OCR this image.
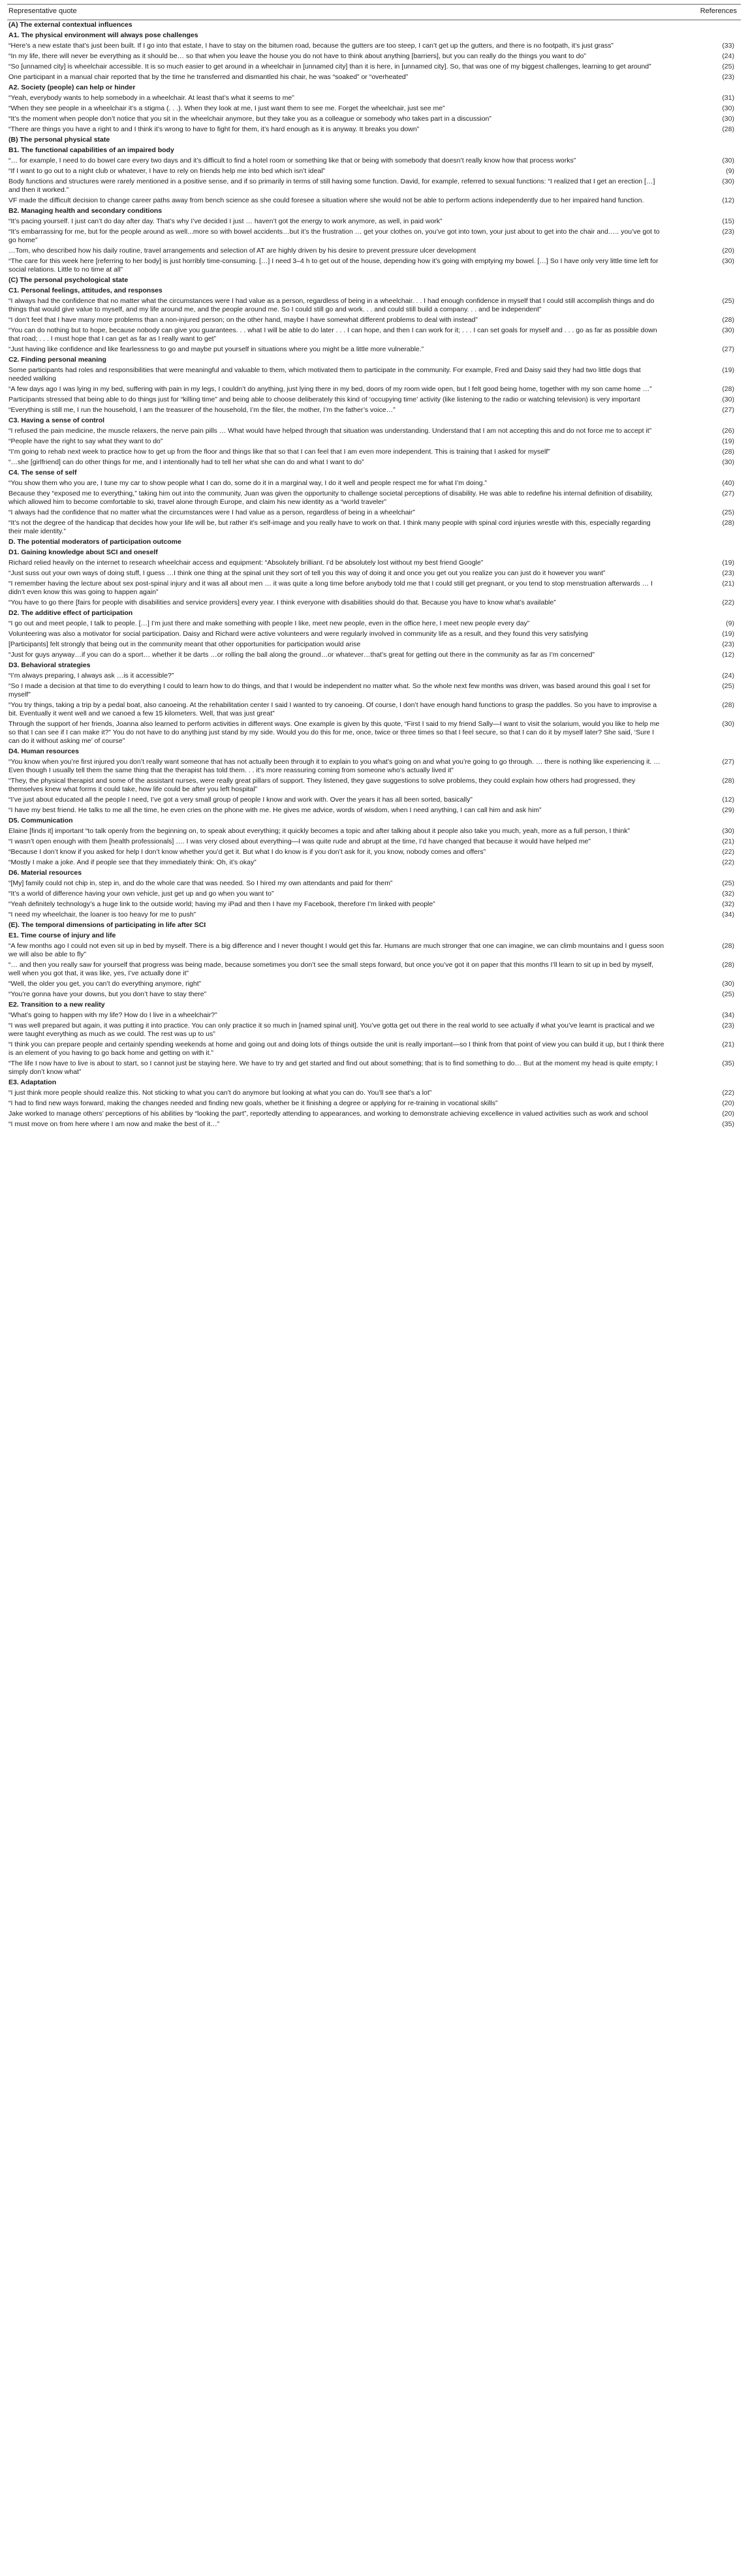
Representative quote	References
(A) The external contextual influences	
A1. The physical environment will always pose challenges	
“Here’s a new estate that’s just been built. If I go into that estate, I have to stay on the bitumen road, because the gutters are too steep, I can’t get up the gutters, and there is no footpath, it’s just grass”	(33)
“In my life, there will never be everything as it should be… so that when you leave the house you do not have to think about anything [barriers], but you can really do the things you want to do”	(24)
“So [unnamed city] is wheelchair accessible. It is so much easier to get around in a wheelchair in [unnamed city] than it is here, in [unnamed city]. So, that was one of my biggest challenges, learning to get around”	(25)
One participant in a manual chair reported that by the time he transferred and dismantled his chair, he was “soaked” or “overheated”	(23)
A2. Society (people) can help or hinder	
“Yeah, everybody wants to help somebody in a wheelchair. At least that’s what it seems to me”	(31)
“When they see people in a wheelchair it’s a stigma (. . .). When they look at me, I just want them to see me. Forget the wheelchair, just see me”	(30)
“It’s the moment when people don’t notice that you sit in the wheelchair anymore, but they take you as a colleague or somebody who takes part in a discussion”	(30)
“There are things you have a right to and I think it’s wrong to have to fight for them, it’s hard enough as it is anyway. It breaks you down”	(28)
(B) The personal physical state	
B1. The functional capabilities of an impaired body	
“… for example, I need to do bowel care every two days and it’s difficult to find a hotel room or something like that or being with somebody that doesn’t really know how that process works”	(30)
“If I want to go out to a night club or whatever, I have to rely on friends help me into bed which isn’t ideal”	(9)
Body functions and structures were rarely mentioned in a positive sense, and if so primarily in terms of still having some function. David, for example, referred to sexual functions: “I realized that I get an erection […] and then it worked.”	(30)
VF made the difficult decision to change career paths away from bench science as she could foresee a situation where she would not be able to perform actions independently due to her impaired hand function.	(12)
B2. Managing health and secondary conditions	
“It’s pacing yourself. I just can’t do day after day. That’s why I’ve decided I just … haven’t got the energy to work anymore, as well, in paid work”	(15)
“It’s embarrassing for me, but for the people around as well...more so with bowel accidents…but it’s the frustration … get your clothes on, you’ve got into town, your just about to get into the chair and….. you’ve got to go home”	(23)
…Tom, who described how his daily routine, travel arrangements and selection of AT are highly driven by his desire to prevent pressure ulcer development	(20)
“The care for this week here [referring to her body] is just horribly time-consuming. […] I need 3–4 h to get out of the house, depending how it’s going with emptying my bowel. […] So I have only very little time left for social relations. Little to no time at all”	(30)
(C) The personal psychological state	
C1. Personal feelings, attitudes, and responses	
“I always had the confidence that no matter what the circumstances were I had value as a person, regardless of being in a wheelchair. . . I had enough confidence in myself that I could still accomplish things and do things that would give value to myself, and my life around me, and the people around me. So I could still go and work. . . and could still build a company. . . and be independent”	(25)
“I don’t feel that I have many more problems than a non-injured person; on the other hand, maybe I have somewhat different problems to deal with instead”	(28)
“You can do nothing but to hope, because nobody can give you guarantees. . . what I will be able to do later . . . I can hope, and then I can work for it; . . . I can set goals for myself and . . . go as far as possible down that road; . . . I must hope that I can get as far as I really want to get”	(30)
“Just having like confidence and like fearlessness to go and maybe put yourself in situations where you might be a little more vulnerable.”	(27)
C2. Finding personal meaning	
Some participants had roles and responsibilities that were meaningful and valuable to them, which motivated them to participate in the community. For example, Fred and Daisy said they had two little dogs that needed walking	(19)
“A few days ago I was lying in my bed, suffering with pain in my legs, I couldn’t do anything, just lying there in my bed, doors of my room wide open, but I felt good being home, together with my son came home …”	(28)
Participants stressed that being able to do things just for “killing time” and being able to choose deliberately this kind of ‘occupying time’ activity (like listening to the radio or watching television) is very important	(30)
“Everything is still me, I run the household, I am the treasurer of the household, I’m the filer, the mother, I’m the father’s voice…”	(27)
C3. Having a sense of control	
“I refused the pain medicine, the muscle relaxers, the nerve pain pills … What would have helped through that situation was understanding. Understand that I am not accepting this and do not force me to accept it”	(26)
“People have the right to say what they want to do”	(19)
“I’m going to rehab next week to practice how to get up from the floor and things like that so that I can feel that I am even more independent. This is training that I asked for myself”	(28)
“…she [girlfriend] can do other things for me, and I intentionally had to tell her what she can do and what I want to do”	(30)
C4. The sense of self	
“You show them who you are, I tune my car to show people what I can do, some do it in a marginal way, I do it well and people respect me for what I’m doing.”	(40)
Because they “exposed me to everything,” taking him out into the community, Juan was given the opportunity to challenge societal perceptions of disability. He was able to redefine his internal definition of disability, which allowed him to become comfortable to ski, travel alone through Europe, and claim his new identity as a “world traveler”	(27)
“I always had the confidence that no matter what the circumstances were I had value as a person, regardless of being in a wheelchair”	(25)
“It’s not the degree of the handicap that decides how your life will be, but rather it’s self-image and you really have to work on that. I think many people with spinal cord injuries wrestle with this, especially regarding their male identity.”	(28)
D. The potential moderators of participation outcome	
D1. Gaining knowledge about SCI and oneself	
Richard relied heavily on the internet to research wheelchair access and equipment: “Absolutely brilliant. I’d be absolutely lost without my best friend Google”	(19)
“Just suss out your own ways of doing stuff, I guess …I think one thing at the spinal unit they sort of tell you this way of doing it and once you get out you realize you can just do it however you want”	(23)
“I remember having the lecture about sex post-spinal injury and it was all about men … it was quite a long time before anybody told me that I could still get pregnant, or you tend to stop menstruation afterwards … I didn’t even know this was going to happen again”	(21)
“You have to go there [fairs for people with disabilities and service providers] every year. I think everyone with disabilities should do that. Because you have to know what’s available”	(22)
D2. The additive effect of participation	
“I go out and meet people, I talk to people. […] I’m just there and make something with people I like, meet new people, even in the office here, I meet new people every day”	(9)
Volunteering was also a motivator for social participation. Daisy and Richard were active volunteers and were regularly involved in community life as a result, and they found this very satisfying	(19)
[Participants] felt strongly that being out in the community meant that other opportunities for participation would arise	(23)
“Just for guys anyway…if you can do a sport… whether it be darts …or rolling the ball along the ground…or whatever…that’s great for getting out there in the community as far as I’m concerned”	(12)
D3. Behavioral strategies	
“I’m always preparing, I always ask …is it accessible?”	(24)
“So I made a decision at that time to do everything I could to learn how to do things, and that I would be independent no matter what. So the whole next few months was driven, was based around this goal I set for myself”	(25)
“You try things, taking a trip by a pedal boat, also canoeing. At the rehabilitation center I said I wanted to try canoeing. Of course, I don’t have enough hand functions to grasp the paddles. So you have to improvise a bit. Eventually it went well and we canoed a few 15 kilometers. Well, that was just great”	(28)
Through the support of her friends, Joanna also learned to perform activities in different ways. One example is given by this quote, “First I said to my friend Sally—I want to visit the solarium, would you like to help me so that I can see if I can make it?” You do not have to do anything just stand by my side. Would you do this for me, once, twice or three times so that I feel secure, so that I can do it by myself later? She said, ‘Sure I can do it without asking me’ of course”	(30)
D4. Human resources	
“You know when you’re first injured you don’t really want someone that has not actually been through it to explain to you what’s going on and what you’re going to go through. … there is nothing like experiencing it. … Even though I usually tell them the same thing that the therapist has told them. . . it’s more reassuring coming from someone who’s actually lived it”	(27)
“They, the physical therapist and some of the assistant nurses, were really great pillars of support. They listened, they gave suggestions to solve problems, they could explain how others had progressed, they themselves knew what forms it could take, how life could be after you left hospital”	(28)
“I’ve just about educated all the people I need, I’ve got a very small group of people I know and work with. Over the years it has all been sorted, basically”	(12)
“I have my best friend. He talks to me all the time, he even cries on the phone with me. He gives me advice, words of wisdom, when I need anything, I can call him and ask him”	(29)
D5. Communication	
Elaine [finds it] important “to talk openly from the beginning on, to speak about everything; it quickly becomes a topic and after talking about it people also take you much, yeah, more as a full person, I think”	(30)
“I wasn’t open enough with them [health professionals] …. I was very closed about everything—I was quite rude and abrupt at the time, I’d have changed that because it would have helped me”	(21)
“Because I don’t know if you asked for help I don’t know whether you’d get it. But what I do know is if you don’t ask for it, you know, nobody comes and offers”	(22)
“Mostly I make a joke. And if people see that they immediately think: Oh, it’s okay”	(22)
D6. Material resources	
“[My] family could not chip in, step in, and do the whole care that was needed. So I hired my own attendants and paid for them”	(25)
“It’s a world of difference having your own vehicle, just get up and go when you want to”	(32)
“Yeah definitely technology’s a huge link to the outside world; having my iPad and then I have my Facebook, therefore I’m linked with people”	(32)
“I need my wheelchair, the loaner is too heavy for me to push”	(34)
(E). The temporal dimensions of participating in life after SCI	
E1. Time course of injury and life	
“A few months ago I could not even sit up in bed by myself. There is a big difference and I never thought I would get this far. Humans are much stronger that one can imagine, we can climb mountains and I guess soon we will also be able to fly”	(28)
“… and then you really saw for yourself that progress was being made, because sometimes you don’t see the small steps forward, but once you’ve got it on paper that this months I’ll learn to sit up in bed by myself, well when you got that, it was like, yes, I’ve actually done it”	(28)
“Well, the older you get, you can’t do everything anymore, right”	(30)
“You’re gonna have your downs, but you don’t have to stay there”	(25)
E2. Transition to a new reality	
“What’s going to happen with my life? How do I live in a wheelchair?”	(34)
“I was well prepared but again, it was putting it into practice. You can only practice it so much in [named spinal unit]. You’ve gotta get out there in the real world to see actually if what you’ve learnt is practical and we were taught everything as much as we could. The rest was up to us”	(23)
“I think you can prepare people and certainly spending weekends at home and going out and doing lots of things outside the unit is really important—so I think from that point of view you can build it up, but I think there is an element of you having to go back home and getting on with it.”	(21)
“The life I now have to live is about to start, so I cannot just be staying here. We have to try and get started and find out about something; that is to find something to do… But at the moment my head is quite empty; I simply don’t know what”	(35)
E3. Adaptation	
“I just think more people should realize this. Not sticking to what you can’t do anymore but looking at what you can do. You’ll see that’s a lot”	(22)
“I had to find new ways forward, making the changes needed and finding new goals, whether be it finishing a degree or applying for re-training in vocational skills”	(20)
Jake worked to manage others’ perceptions of his abilities by “looking the part”, reportedly attending to appearances, and working to demonstrate achieving excellence in valued activities such as work and school	(20)
“I must move on from here where I am now and make the best of it…”	(35)
